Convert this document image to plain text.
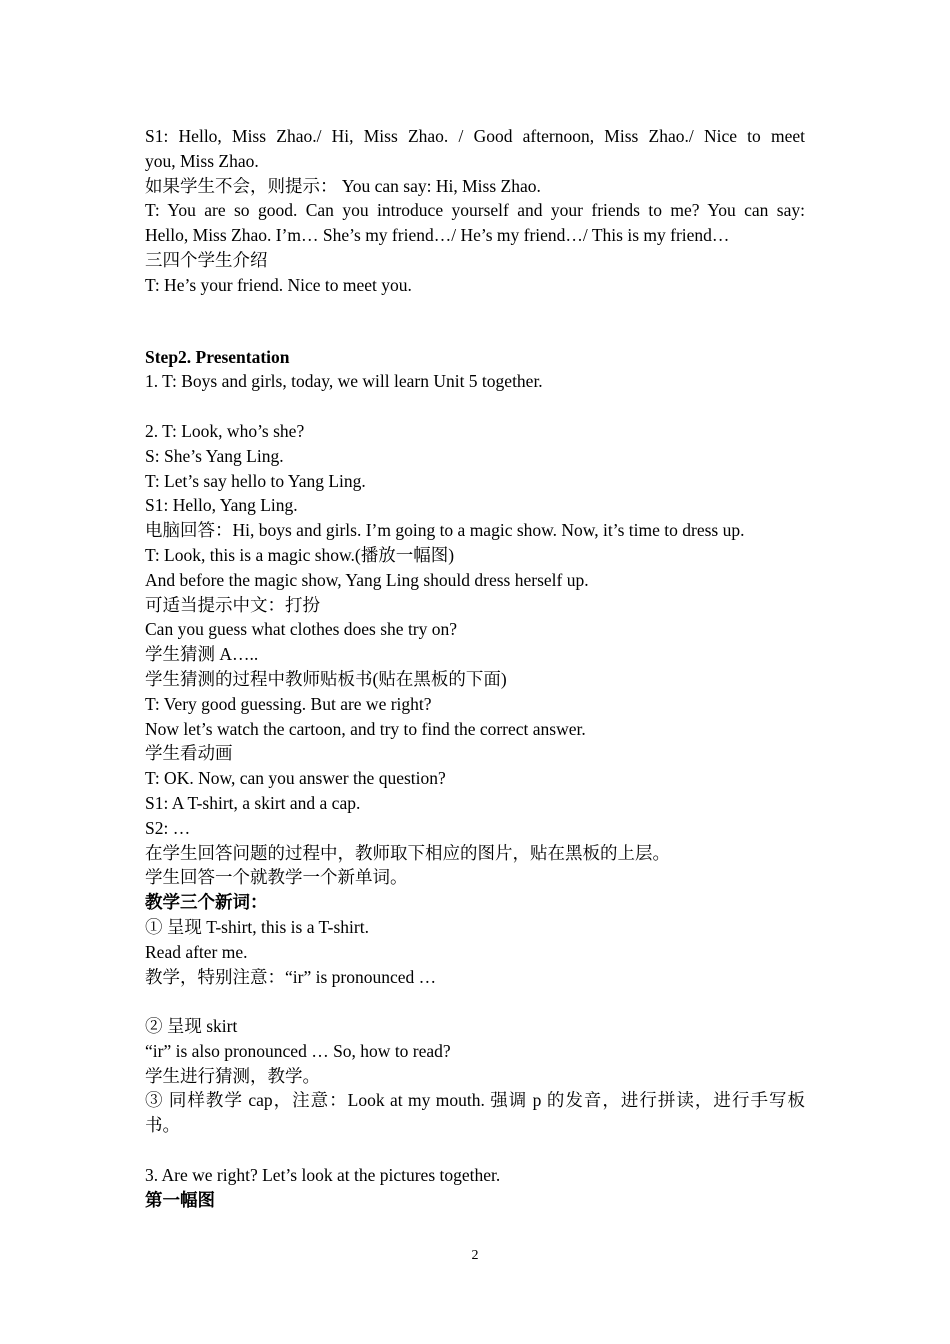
S1: Hello, Miss Zhao./ Hi, Miss Zhao. / Good afternoon, Miss Zhao./ Nice to meet
you, Miss Zhao.
如果学生不会，则提示： You can say: Hi, Miss Zhao.
T: You are so good. Can you introduce yourself and your friends to me? You can say:
Hello, Miss Zhao. I’m… She’s my friend…/ He’s my friend…/ This is my friend…
三四个学生介绍
T: He’s your friend. Nice to meet you.
Step2. Presentation
1. T: Boys and girls, today, we will learn Unit 5 together.
2. T: Look, who’s she?
S: She’s Yang Ling.
T: Let’s say hello to Yang Ling.
S1: Hello, Yang Ling.
电脑回答：Hi, boys and girls. I’m going to a magic show. Now, it’s time to dress up.
T: Look, this is a magic show.(播放一幅图)
And before the magic show, Yang Ling should dress herself up.
可适当提示中文：打扮
Can you guess what clothes does she try on?
学生猜测 A…..
学生猜测的过程中教师贴板书(贴在黑板的下面)
T: Very good guessing. But are we right?
Now let’s watch the cartoon, and try to find the correct answer.
学生看动画
T: OK. Now, can you answer the question?
S1: A T-shirt, a skirt and a cap.
S2: …
在学生回答问题的过程中，教师取下相应的图片，贴在黑板的上层。
学生回答一个就教学一个新单词。
教学三个新词：
① 呈现 T-shirt, this is a T-shirt.
Read after me.
教学，特别注意：“ir” is pronounced …
② 呈现 skirt
“ir” is also pronounced … So, how to read?
学生进行猜测，教学。
③ 同样教学 cap，注意：Look at my mouth. 强调 p 的发音，进行拼读，进行手写板
书。
3. Are we right? Let’s look at the pictures together.
第一幅图
2
